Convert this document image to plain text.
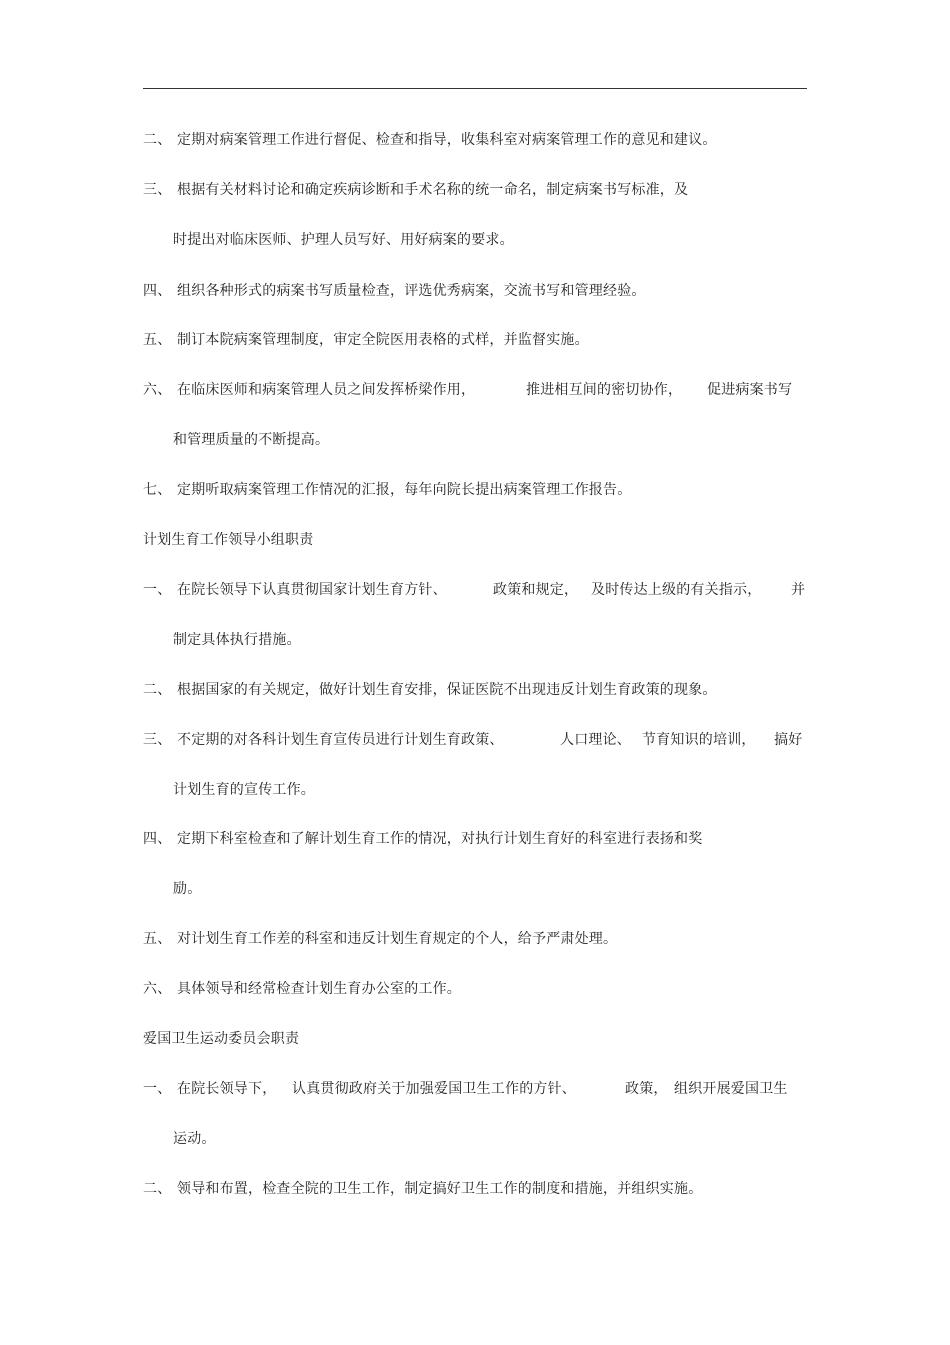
二、 定期对病案管理工作进行督促、检查和指导，收集科室对病案管理工作的意见和建议。
三、 根据有关材料讨论和确定疾病诊断和手术名称的统一命名，制定病案书写标准，及
时提出对临床医师、护理人员写好、用好病案的要求。
四、 组织各种形式的病案书写质量检查，评选优秀病案，交流书写和管理经验。
五、 制订本院病案管理制度，审定全院医用表格的式样，并监督实施。
六、 在临床医师和病案管理人员之间发挥桥梁作用，	推进相互间的密切协作， 促进病案书写
和管理质量的不断提高。
七、 定期听取病案管理工作情况的汇报，每年向院长提出病案管理工作报告。
计划生育工作领导小组职责
一、 在院长领导下认真贯彻国家计划生育方针、	政策和规定， 及时传达上级的有关指示， 并
制定具体执行措施。
二、 根据国家的有关规定，做好计划生育安排，保证医院不出现违反计划生育政策的现象。
三、 不定期的对各科计划生育宣传员进行计划生育政策、	人口理论、 节育知识的培训， 搞好
计划生育的宣传工作。
四、 定期下科室检查和了解计划生育工作的情况，对执行计划生育好的科室进行表扬和奖
励。
五、 对计划生育工作差的科室和违反计划生育规定的个人，给予严肃处理。
六、 具体领导和经常检查计划生育办公室的工作。
爱国卫生运动委员会职责
一、 在院长领导下， 认真贯彻政府关于加强爱国卫生工作的方针、	政策， 组织开展爱国卫生
运动。
二、 领导和布置，检查全院的卫生工作，制定搞好卫生工作的制度和措施，并组织实施。
